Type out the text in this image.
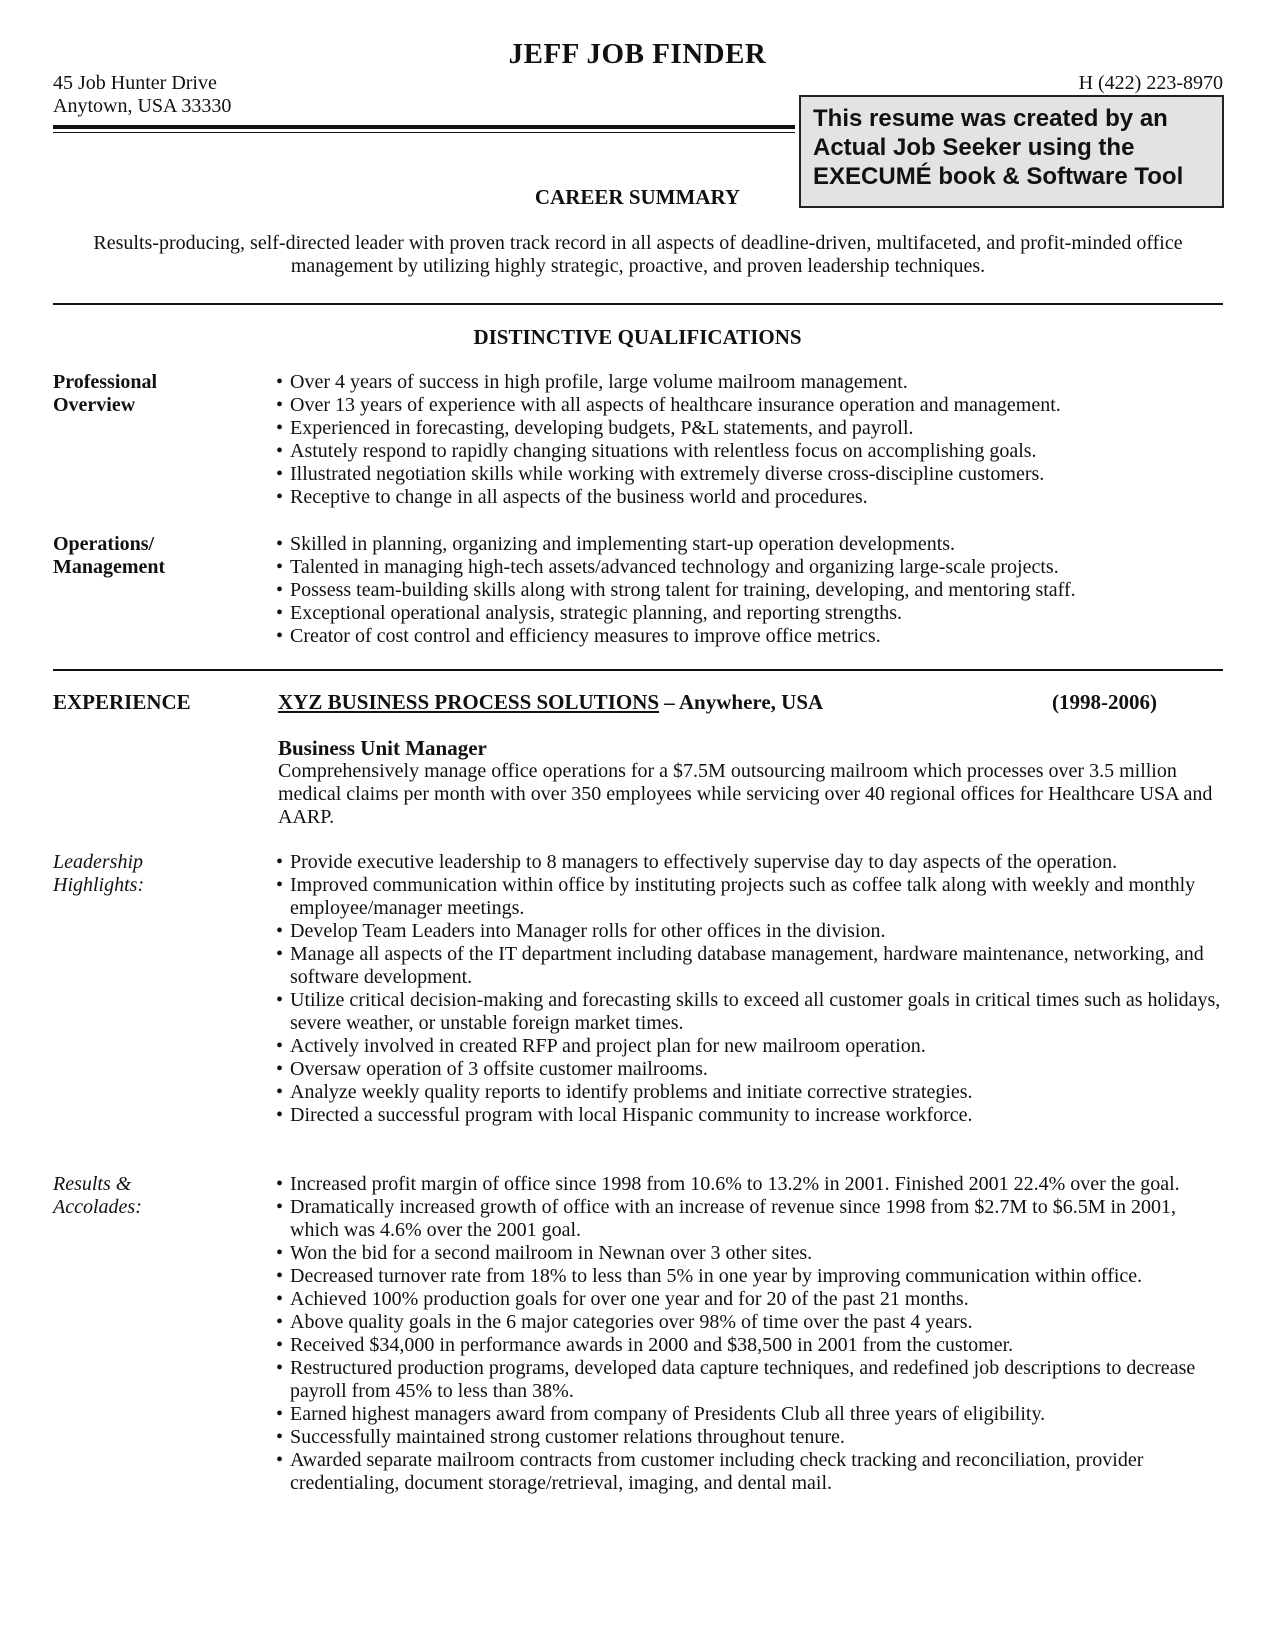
JEFF JOB FINDER
45 Job Hunter Drive
Anytown, USA 33330
H (422) 223-8970
This resume was created by an
Actual Job Seeker using the
EXECUMÉ book & Software Tool
CAREER SUMMARY
Results-producing, self-directed leader with proven track record in all aspects of deadline-driven, multifaceted, and profit-minded office management by utilizing highly strategic, proactive, and proven leadership techniques.
DISTINCTIVE QUALIFICATIONS
Professional
Overview
• Over 4 years of success in high profile, large volume mailroom management.
• Over 13 years of experience with all aspects of healthcare insurance operation and management.
• Experienced in forecasting, developing budgets, P&L statements, and payroll.
• Astutely respond to rapidly changing situations with relentless focus on accomplishing goals.
• Illustrated negotiation skills while working with extremely diverse cross-discipline customers.
• Receptive to change in all aspects of the business world and procedures.
Operations/
Management
• Skilled in planning, organizing and implementing start-up operation developments.
• Talented in managing high-tech assets/advanced technology and organizing large-scale projects.
• Possess team-building skills along with strong talent for training, developing, and mentoring staff.
• Exceptional operational analysis, strategic planning, and reporting strengths.
• Creator of cost control and efficiency measures to improve office metrics.
EXPERIENCE	XYZ BUSINESS PROCESS SOLUTIONS – Anywhere, USA	(1998-2006)
Business Unit Manager
Comprehensively manage office operations for a $7.5M outsourcing mailroom which processes over 3.5 million medical claims per month with over 350 employees while servicing over 40 regional offices for Healthcare USA and AARP.
Leadership
Highlights:
• Provide executive leadership to 8 managers to effectively supervise day to day aspects of the operation.
• Improved communication within office by instituting projects such as coffee talk along with weekly and monthly employee/manager meetings.
• Develop Team Leaders into Manager rolls for other offices in the division.
• Manage all aspects of the IT department including database management, hardware maintenance, networking, and software development.
• Utilize critical decision-making and forecasting skills to exceed all customer goals in critical times such as holidays, severe weather, or unstable foreign market times.
• Actively involved in created RFP and project plan for new mailroom operation.
• Oversaw operation of 3 offsite customer mailrooms.
• Analyze weekly quality reports to identify problems and initiate corrective strategies.
• Directed a successful program with local Hispanic community to increase workforce.
Results &
Accolades:
• Increased profit margin of office since 1998 from 10.6% to 13.2% in 2001. Finished 2001 22.4% over the goal.
• Dramatically increased growth of office with an increase of revenue since 1998 from $2.7M to $6.5M in 2001, which was 4.6% over the 2001 goal.
• Won the bid for a second mailroom in Newnan over 3 other sites.
• Decreased turnover rate from 18% to less than 5% in one year by improving communication within office.
• Achieved 100% production goals for over one year and for 20 of the past 21 months.
• Above quality goals in the 6 major categories over 98% of time over the past 4 years.
• Received $34,000 in performance awards in 2000 and $38,500 in 2001 from the customer.
• Restructured production programs, developed data capture techniques, and redefined job descriptions to decrease payroll from 45% to less than 38%.
• Earned highest managers award from company of Presidents Club all three years of eligibility.
• Successfully maintained strong customer relations throughout tenure.
• Awarded separate mailroom contracts from customer including check tracking and reconciliation, provider credentialing, document storage/retrieval, imaging, and dental mail.
